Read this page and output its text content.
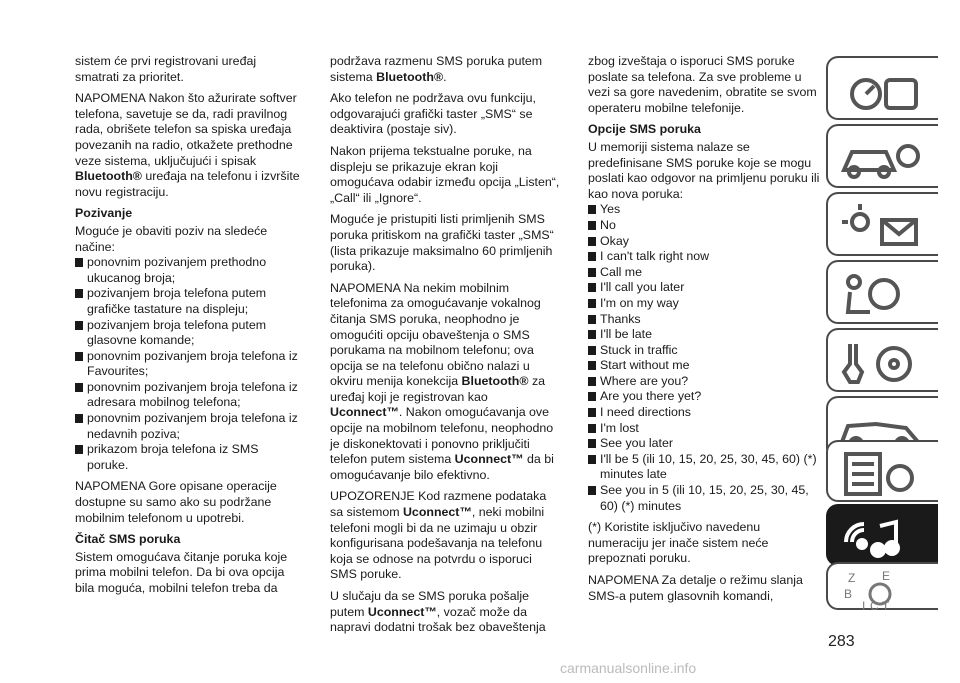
sistem će prvi registrovani uređaj smatrati za prioritet.

NAPOMENA Nakon što ažurirate softver telefona, savetuje se da, radi pravilnog rada, obrišete telefon sa spiska uređaja povezanih na radio, otkažete prethodne veze sistema, uključujući i spisak
Bluetooth® uređaja na telefonu i izvršite novu registraciju.

Pozivanje

Moguće je obaviti poziv na sledeće načine:

ponovnim pozivanjem prethodno ukucanog broja;
pozivanjem broja telefona putem grafičke tastature na displeju;
pozivanjem broja telefona putem glasovne komande;
ponovnim pozivanjem broja telefona iz Favourites;
ponovnim pozivanjem broja telefona iz adresara mobilnog telefona;
ponovnim pozivanjem broja telefona iz nedavnih poziva;
prikazom broja telefona iz SMS poruke.

NAPOMENA Gore opisane operacije dostupne su samo ako su podržane mobilnim telefonom u upotrebi.

Čitač SMS poruka

Sistem omogućava čitanje poruka koje prima mobilni telefon. Da bi ova opcija bila moguća, mobilni telefon treba da

podržava razmenu SMS poruka putem sistema Bluetooth®.

Ako telefon ne podržava ovu funkciju, odgovarajući grafički taster „SMS“ se deaktivira (postaje siv).

Nakon prijema tekstualne poruke, na displeju se prikazuje ekran koji omogućava odabir između opcija „Listen“, „Call“ ili „Ignore“.

Moguće je pristupiti listi primljenih SMS poruka pritiskom na grafički taster „SMS“ (lista prikazuje maksimalno 60 primljenih poruka).

NAPOMENA Na nekim mobilnim telefonima za omogućavanje vokalnog čitanja SMS poruka, neophodno je omogućiti opciju obaveštenja o SMS porukama na mobilnom telefonu; ova opcija se na telefonu obično nalazi u okviru menija konekcija Bluetooth® za uređaj koji je registrovan kao Uconnect™. Nakon omogućavanja ove opcije na mobilnom telefonu, neophodno je diskonektovati i ponovno priključiti telefon putem sistema Uconnect™ da bi omogućavanje bilo efektivno.

UPOZORENJE Kod razmene podataka sa sistemom Uconnect™, neki mobilni telefoni mogli bi da ne uzimaju u obzir konfigurisana podešavanja na telefonu koja se odnose na potvrdu o isporuci SMS poruke.

U slučaju da se SMS poruka pošalje putem Uconnect™, vozač može da napravi dodatni trošak bez obaveštenja

zbog izveštaja o isporuci SMS poruke poslate sa telefona. Za sve probleme u vezi sa gore navedenim, obratite se svom operateru mobilne telefonije.

Opcije SMS poruka

U memoriji sistema nalaze se predefinisane SMS poruke koje se mogu poslati kao odgovor na primljenu poruku ili kao nova poruka:

Yes
No
Okay
I can't talk right now
Call me
I'll call you later
I'm on my way
Thanks
I'll be late
Stuck in traffic
Start without me
Where are you?
Are you there yet?
I need directions
I'm lost
See you later
I'll be 5 (ili 10, 15, 20, 25, 30, 45, 60) (*) minutes late
See you in 5 (ili 10, 15, 20, 25, 30, 45, 60) (*) minutes

(*) Koristite isključivo navedenu numeraciju jer inače sistem neće prepoznati poruku.

NAPOMENA Za detalje o režimu slanja SMS-a putem glasovnih komandi,

Z E
B
I C T
283
carmanualsonline.info
